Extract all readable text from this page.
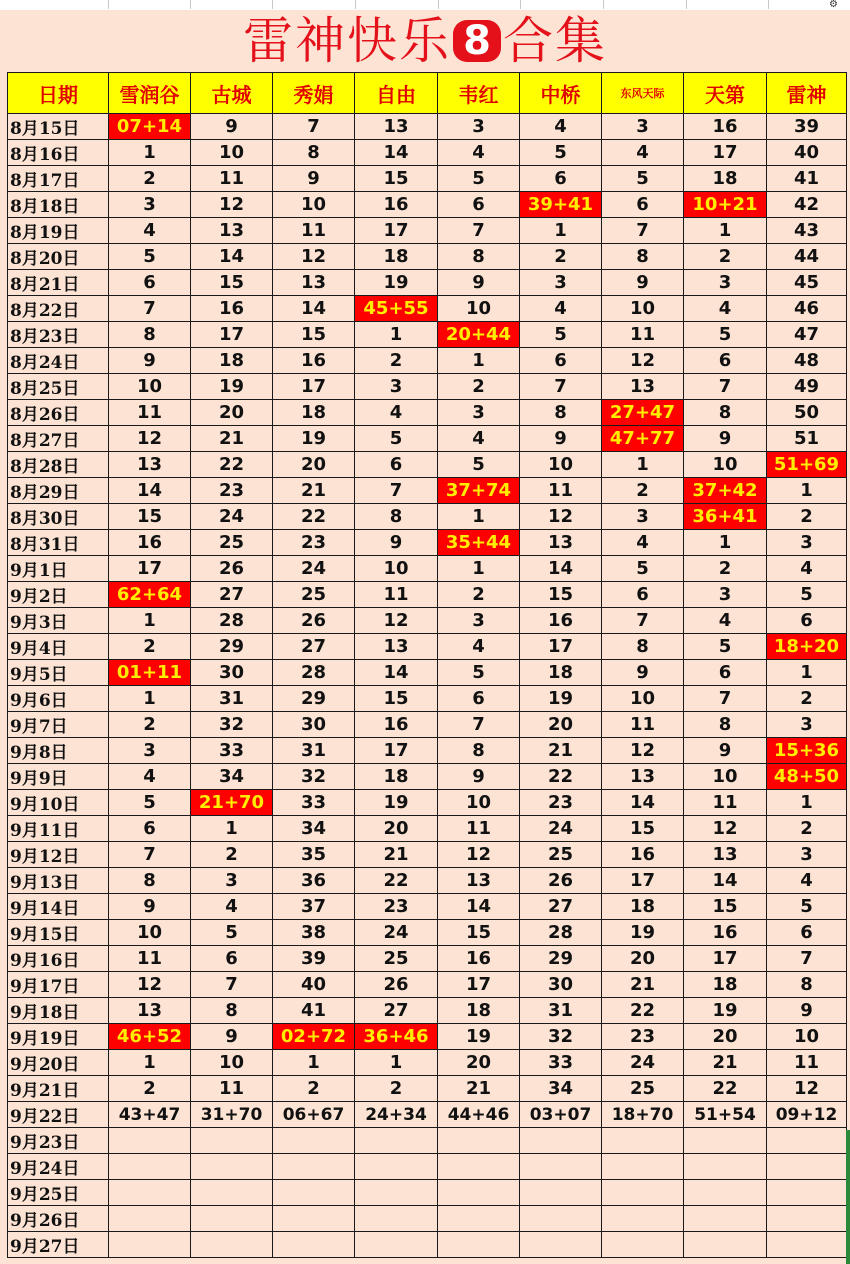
⚙
雷神快乐 8 合集
日期	雪润谷	古城	秀娟	自由	韦红	中桥	东风天际	天第	雷神
8月15日	07+14	9	7	13	3	4	3	16	39
8月16日	1	10	8	14	4	5	4	17	40
8月17日	2	11	9	15	5	6	5	18	41
8月18日	3	12	10	16	6	39+41	6	10+21	42
8月19日	4	13	11	17	7	1	7	1	43
8月20日	5	14	12	18	8	2	8	2	44
8月21日	6	15	13	19	9	3	9	3	45
8月22日	7	16	14	45+55	10	4	10	4	46
8月23日	8	17	15	1	20+44	5	11	5	47
8月24日	9	18	16	2	1	6	12	6	48
8月25日	10	19	17	3	2	7	13	7	49
8月26日	11	20	18	4	3	8	27+47	8	50
8月27日	12	21	19	5	4	9	47+77	9	51
8月28日	13	22	20	6	5	10	1	10	51+69
8月29日	14	23	21	7	37+74	11	2	37+42	1
8月30日	15	24	22	8	1	12	3	36+41	2
8月31日	16	25	23	9	35+44	13	4	1	3
9月1日	17	26	24	10	1	14	5	2	4
9月2日	62+64	27	25	11	2	15	6	3	5
9月3日	1	28	26	12	3	16	7	4	6
9月4日	2	29	27	13	4	17	8	5	18+20
9月5日	01+11	30	28	14	5	18	9	6	1
9月6日	1	31	29	15	6	19	10	7	2
9月7日	2	32	30	16	7	20	11	8	3
9月8日	3	33	31	17	8	21	12	9	15+36
9月9日	4	34	32	18	9	22	13	10	48+50
9月10日	5	21+70	33	19	10	23	14	11	1
9月11日	6	1	34	20	11	24	15	12	2
9月12日	7	2	35	21	12	25	16	13	3
9月13日	8	3	36	22	13	26	17	14	4
9月14日	9	4	37	23	14	27	18	15	5
9月15日	10	5	38	24	15	28	19	16	6
9月16日	11	6	39	25	16	29	20	17	7
9月17日	12	7	40	26	17	30	21	18	8
9月18日	13	8	41	27	18	31	22	19	9
9月19日	46+52	9	02+72	36+46	19	32	23	20	10
9月20日	1	10	1	1	20	33	24	21	11
9月21日	2	11	2	2	21	34	25	22	12
9月22日	43+47	31+70	06+67	24+34	44+46	03+07	18+70	51+54	09+12
9月23日									
9月24日									
9月25日									
9月26日									
9月27日									
